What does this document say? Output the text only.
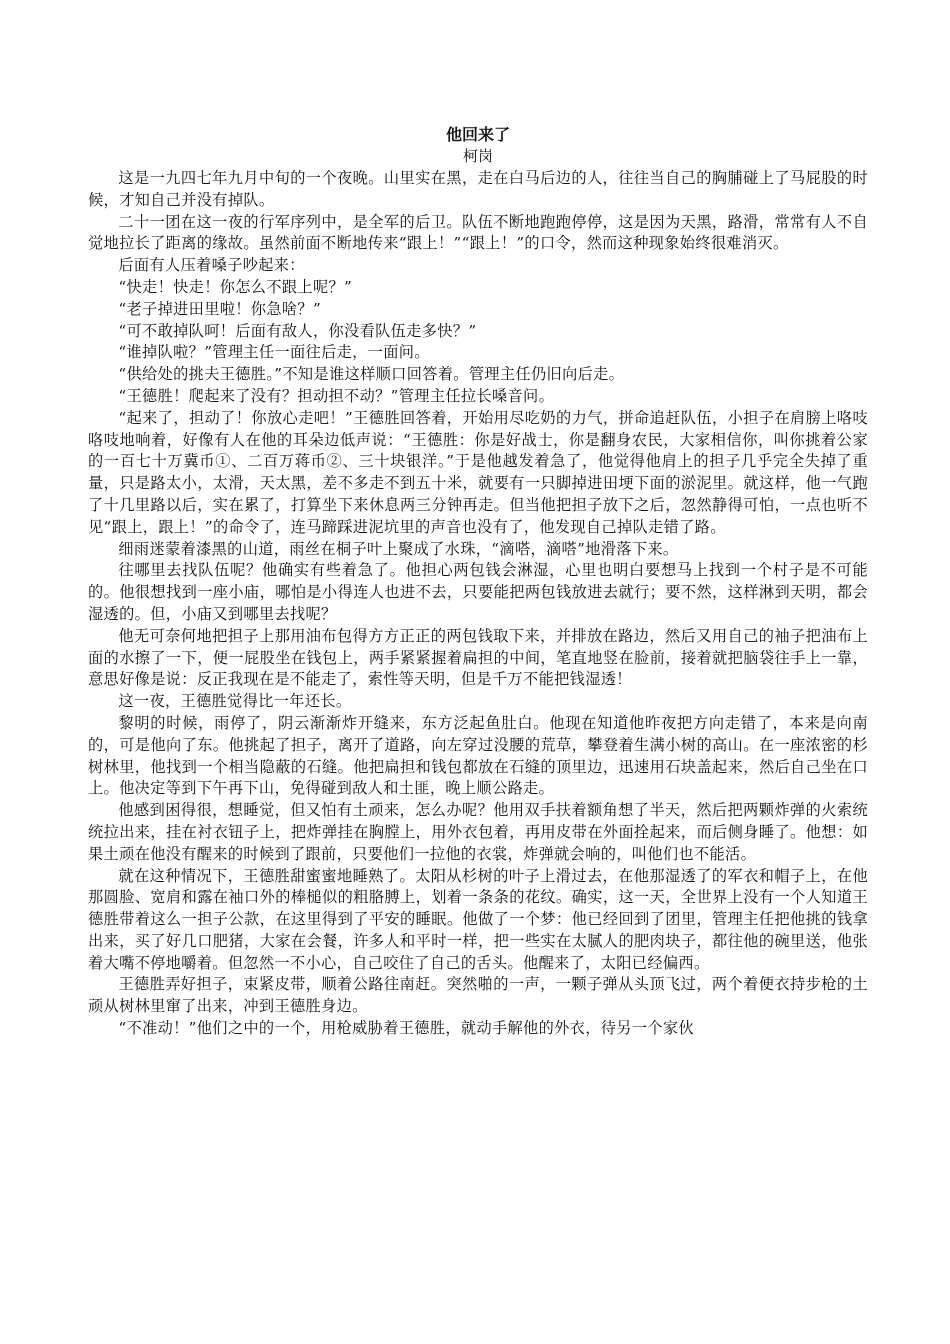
他回来了
柯岗

这是一九四七年九月中旬的一个夜晚。山里实在黑，走在白马后边的人，往往当自己的胸脯碰上了马屁股的时候，才知自己并没有掉队。

二十一团在这一夜的行军序列中，是全军的后卫。队伍不断地跑跑停停，这是因为天黑，路滑，常常有人不自觉地拉长了距离的缘故。虽然前面不断地传来“跟上！”“跟上！”的口令，然而这种现象始终很难消灭。

后面有人压着嗓子吵起来：

“快走！快走！你怎么不跟上呢？”

“老子掉进田里啦！你急啥？”

“可不敢掉队呵！后面有敌人，你没看队伍走多快？”

“谁掉队啦？”管理主任一面往后走，一面问。

“供给处的挑夫王德胜。”不知是谁这样顺口回答着。管理主任仍旧向后走。

“王德胜！爬起来了没有？担动担不动？”管理主任拉长嗓音问。

“起来了，担动了！你放心走吧！”王德胜回答着，开始用尽吃奶的力气，拼命追赶队伍，小担子在肩膀上咯吱咯吱地响着，好像有人在他的耳朵边低声说：“王德胜：你是好战士，你是翻身农民，大家相信你，叫你挑着公家的一百七十万冀币①、二百万蒋币②、三十块银洋。”于是他越发着急了，他觉得他肩上的担子几乎完全失掉了重量，只是路太小，太滑，天太黑，差不多走不到五十米，就要有一只脚掉进田埂下面的淤泥里。就这样，他一气跑了十几里路以后，实在累了，打算坐下来休息两三分钟再走。但当他把担子放下之后，忽然静得可怕，一点也听不见“跟上，跟上！”的命令了，连马蹄踩进泥坑里的声音也没有了，他发现自己掉队走错了路。

细雨迷蒙着漆黑的山道，雨丝在桐子叶上聚成了水珠，“滴嗒，滴嗒”地滑落下来。

往哪里去找队伍呢？他确实有些着急了。他担心两包钱会淋湿，心里也明白要想马上找到一个村子是不可能的。他很想找到一座小庙，哪怕是小得连人也进不去，只要能把两包钱放进去就行；要不然，这样淋到天明，都会湿透的。但，小庙又到哪里去找呢？

他无可奈何地把担子上那用油布包得方方正正的两包钱取下来，并排放在路边，然后又用自己的袖子把油布上面的水擦了一下，便一屁股坐在钱包上，两手紧紧握着扁担的中间，笔直地竖在脸前，接着就把脑袋往手上一靠，意思好像是说：反正我现在是不能走了，索性等天明，但是千万不能把钱湿透！

这一夜，王德胜觉得比一年还长。

黎明的时候，雨停了，阴云渐渐炸开缝来，东方泛起鱼肚白。他现在知道他昨夜把方向走错了，本来是向南的，可是他向了东。他挑起了担子，离开了道路，向左穿过没腰的荒草，攀登着生满小树的高山。在一座浓密的杉树林里，他找到一个相当隐蔽的石缝。他把扁担和钱包都放在石缝的顶里边，迅速用石块盖起来，然后自己坐在口上。他决定等到下午再下山，免得碰到敌人和土匪，晚上顺公路走。

他感到困得很，想睡觉，但又怕有土顽来，怎么办呢？他用双手扶着额角想了半天，然后把两颗炸弹的火索统统拉出来，挂在衬衣钮子上，把炸弹挂在胸膛上，用外衣包着，再用皮带在外面拴起来，而后侧身睡了。他想：如果土顽在他没有醒来的时候到了跟前，只要他们一拉他的衣裳，炸弹就会响的，叫他们也不能活。

就在这种情况下，王德胜甜蜜蜜地睡熟了。太阳从杉树的叶子上滑过去，在他那湿透了的军衣和帽子上，在他那圆脸、宽肩和露在袖口外的棒槌似的粗胳膊上，划着一条条的花纹。确实，这一天，全世界上没有一个人知道王德胜带着这么一担子公款，在这里得到了平安的睡眠。他做了一个梦：他已经回到了团里，管理主任把他挑的钱拿出来，买了好几口肥猪，大家在会餐，许多人和平时一样，把一些实在太腻人的肥肉块子，都往他的碗里送，他张着大嘴不停地嚼着。但忽然一不小心，自己咬住了自己的舌头。他醒来了，太阳已经偏西。

王德胜弄好担子，束紧皮带，顺着公路往南赶。突然啪的一声，一颗子弹从头顶飞过，两个着便衣持步枪的土顽从树林里窜了出来，冲到王德胜身边。

“不准动！”他们之中的一个，用枪威胁着王德胜，就动手解他的外衣，待另一个家伙
